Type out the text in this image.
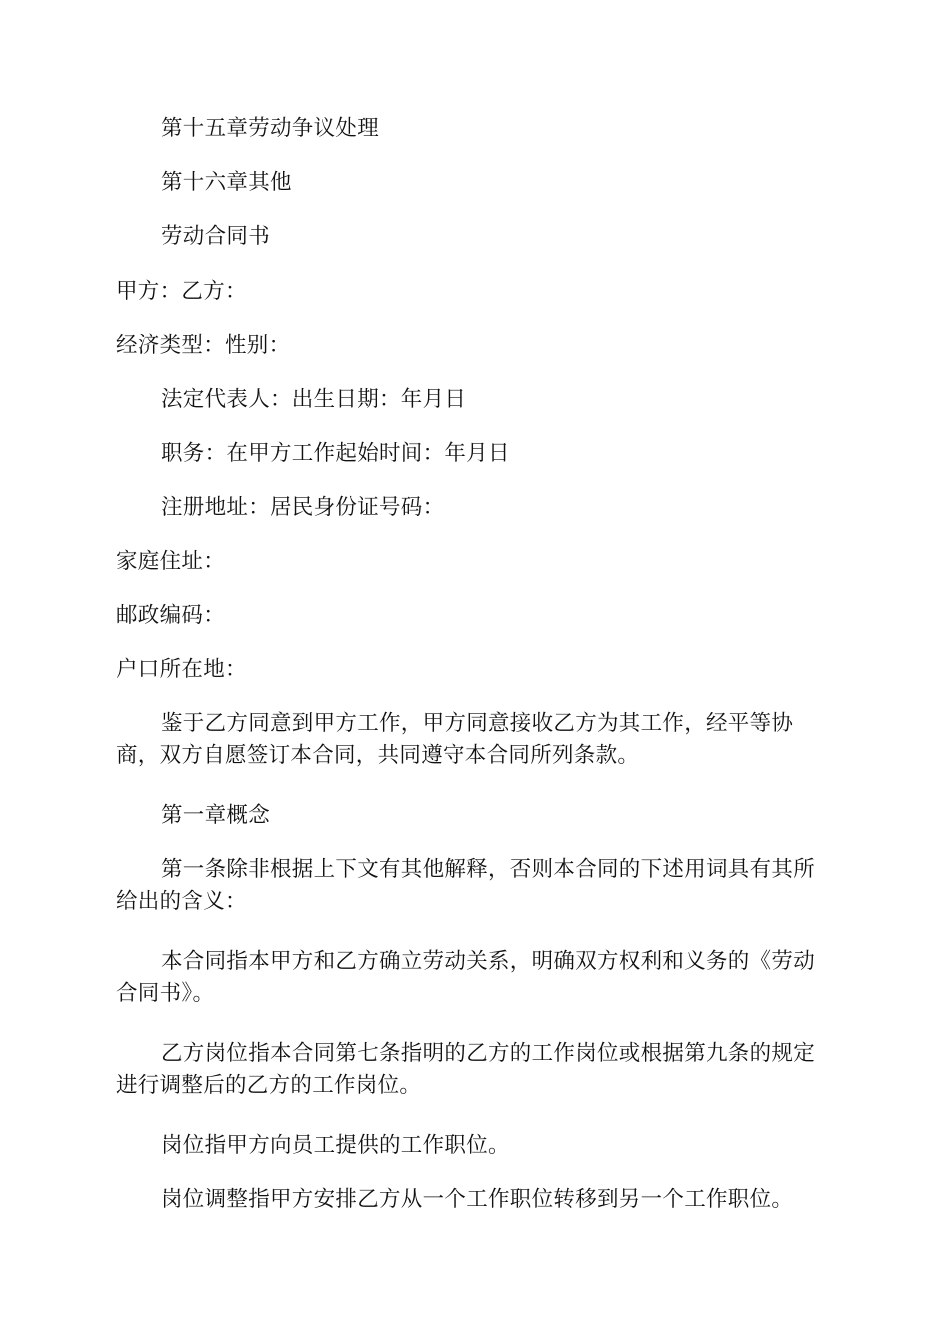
第十五章劳动争议处理

第十六章其他

劳动合同书

甲方：乙方：

经济类型：性别：

法定代表人：出生日期：年月日

职务：在甲方工作起始时间：年月日

注册地址：居民身份证号码：

家庭住址：

邮政编码：

户口所在地：

鉴于乙方同意到甲方工作，甲方同意接收乙方为其工作，经平等协商，双方自愿签订本合同，共同遵守本合同所列条款。

第一章概念

第一条除非根据上下文有其他解释，否则本合同的下述用词具有其所给出的含义：

本合同指本甲方和乙方确立劳动关系，明确双方权利和义务的《劳动合同书》。

乙方岗位指本合同第七条指明的乙方的工作岗位或根据第九条的规定进行调整后的乙方的工作岗位。

岗位指甲方向员工提供的工作职位。

岗位调整指甲方安排乙方从一个工作职位转移到另一个工作职位。
